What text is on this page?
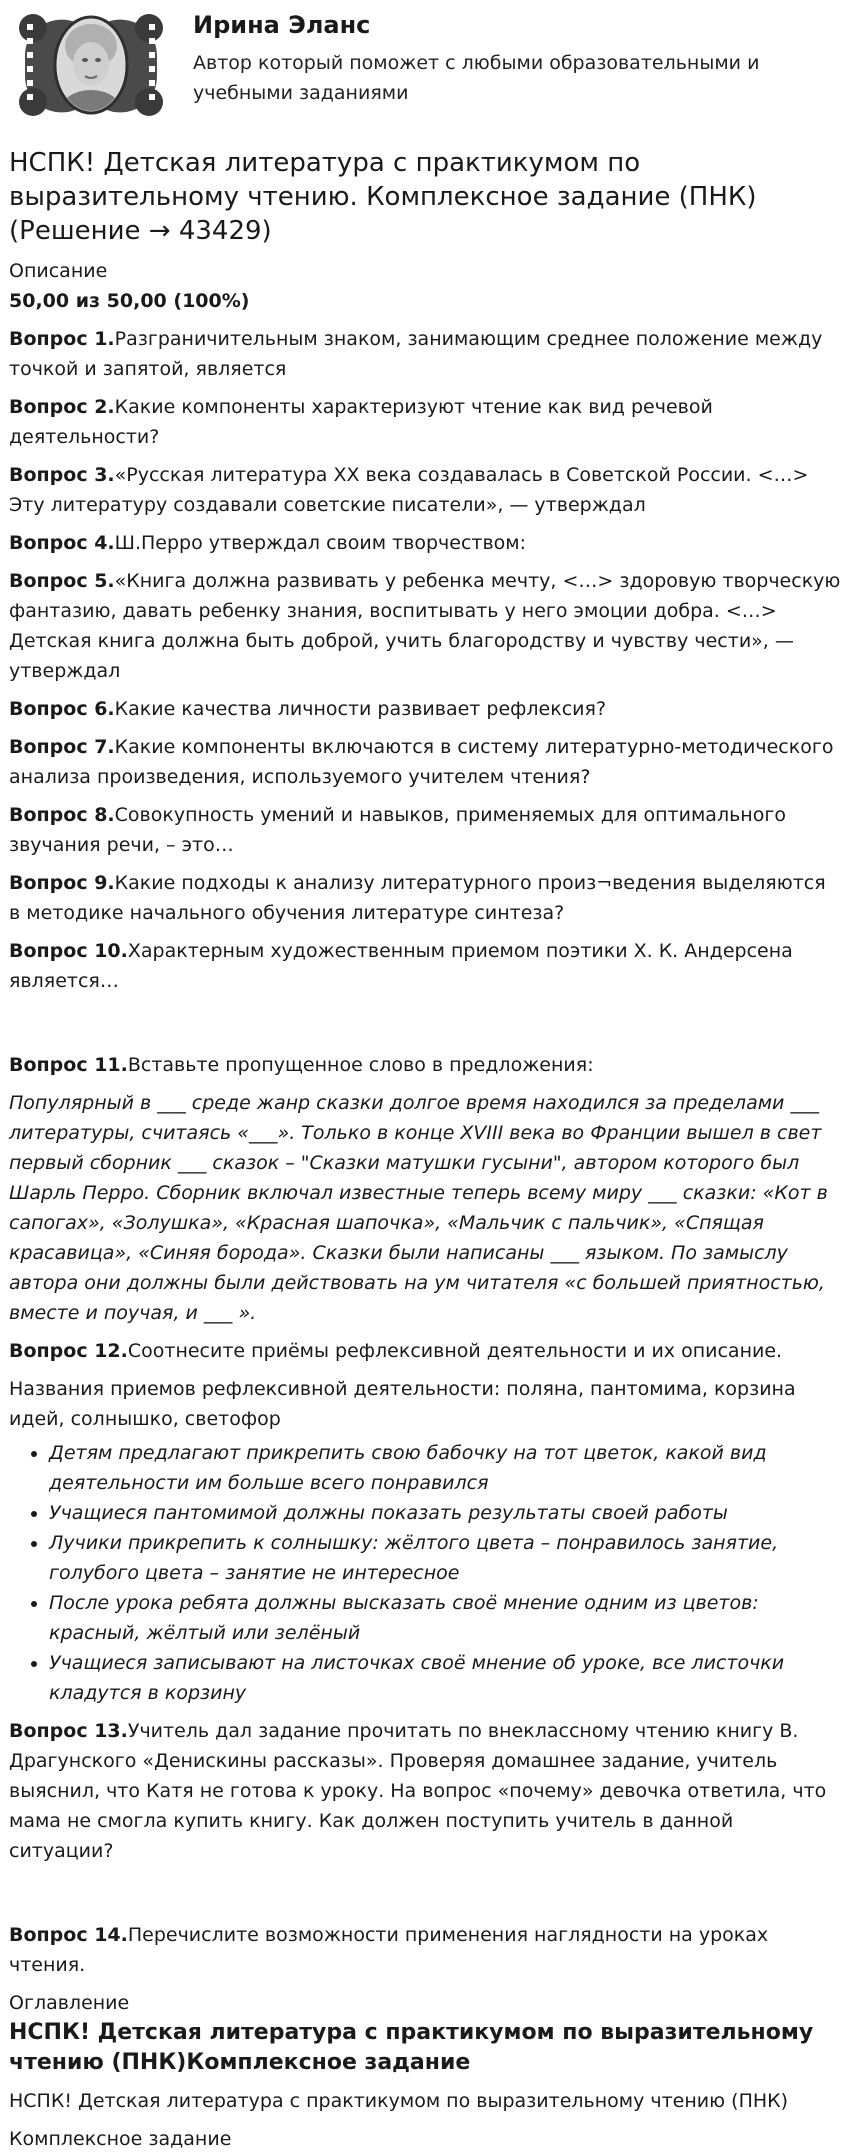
Ирина Эланс
Автор который поможет с любыми образовательными и учебными заданиями
НСПК! Детская литература с практикумом по выразительному чтению. Комплексное задание (ПНК) (Решение → 43429)
Описание
50,00 из 50,00 (100%)
Вопрос 1.Разграничительным знаком, занимающим среднее положение между точкой и запятой, является
Вопрос 2.Какие компоненты характеризуют чтение как вид речевой деятельности?
Вопрос 3.«Русская литература XX века создавалась в Советской России. <…> Эту литературу создавали советские писатели», — утверждал
Вопрос 4.Ш.Перро утверждал своим творчеством:
Вопрос 5.«Книга должна развивать у ребенка мечту, <…> здоровую творческую фантазию, давать ребенку знания, воспитывать у него эмоции добра. <…> Детская книга должна быть доброй, учить благородству и чувству чести», — утверждал
Вопрос 6.Какие качества личности развивает рефлексия?
Вопрос 7.Какие компоненты включаются в систему литературно-методического анализа произведения, используемого учителем чтения?
Вопрос 8.Совокупность умений и навыков, применяемых для оптимального звучания речи, – это…
Вопрос 9.Какие подходы к анализу литературного произ¬ведения выделяются в методике начального обучения литературе синтеза?
Вопрос 10.Характерным художественным приемом поэтики Х. К. Андерсена является…
Вопрос 11.Вставьте пропущенное слово в предложения:
Популярный в ___ среде жанр сказки долгое время находился за пределами ___ литературы, считаясь «___». Только в конце XVIII века во Франции вышел в свет первый сборник ___ сказок – "Сказки матушки гусыни", автором которого был Шарль Перро. Сборник включал известные теперь всему миру ___ сказки: «Кот в сапогах», «Золушка», «Красная шапочка», «Мальчик с пальчик», «Спящая красавица», «Синяя борода». Сказки были написаны ___ языком. По замыслу автора они должны были действовать на ум читателя «с большей приятностью, вместе и поучая, и ___ ».
Вопрос 12.Соотнесите приёмы рефлексивной деятельности и их описание.
Названия приемов рефлексивной деятельности: поляна, пантомима, корзина идей, солнышко, светофор
• Детям предлагают прикрепить свою бабочку на тот цветок, какой вид деятельности им больше всего понравился
• Учащиеся пантомимой должны показать результаты своей работы
• Лучики прикрепить к солнышку: жёлтого цвета – понравилось занятие, голубого цвета – занятие не интересное
• После урока ребята должны высказать своё мнение одним из цветов: красный, жёлтый или зелёный
• Учащиеся записывают на листочках своё мнение об уроке, все листочки кладутся в корзину
Вопрос 13.Учитель дал задание прочитать по внеклассному чтению книгу В. Драгунского «Денискины рассказы». Проверяя домашнее задание, учитель выяснил, что Катя не готова к уроку. На вопрос «почему» девочка ответила, что мама не смогла купить книгу. Как должен поступить учитель в данной ситуации?
Вопрос 14.Перечислите возможности применения наглядности на уроках чтения.
Оглавление
НСПК! Детская литература с практикумом по выразительному чтению (ПНК)Комплексное задание
НСПК! Детская литература с практикумом по выразительному чтению (ПНК)
Комплексное задание
